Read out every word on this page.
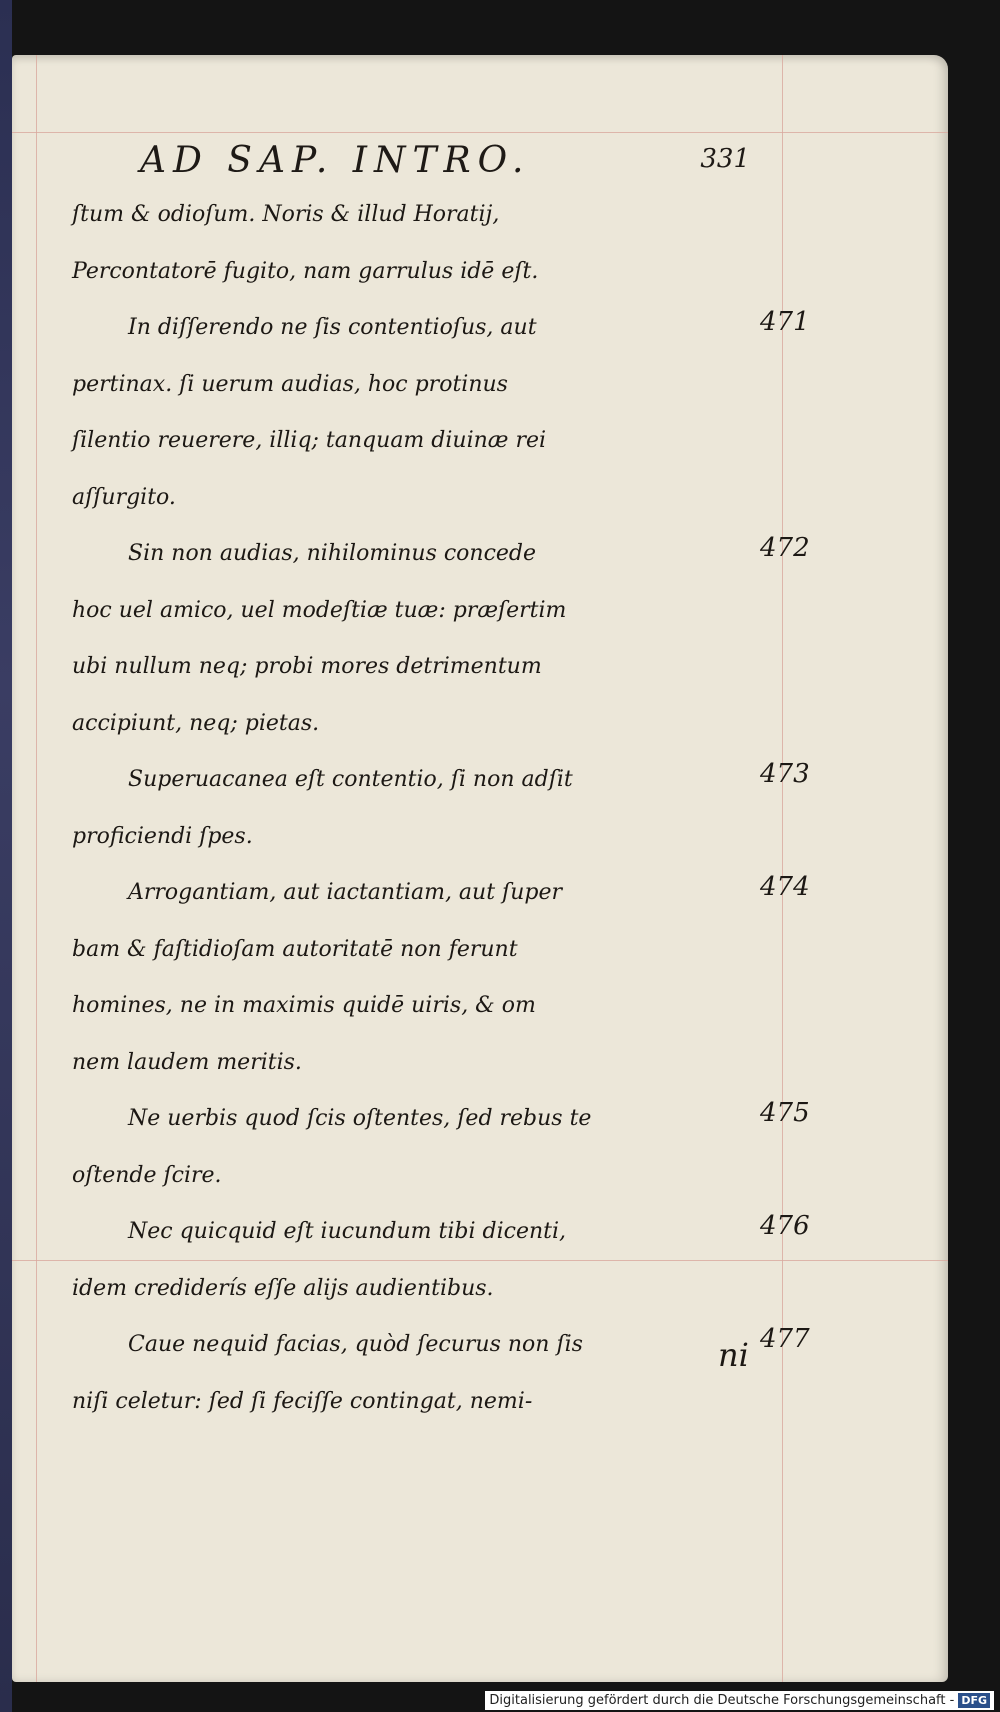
AD SAP. INTRO.	331
ſtum & odioſum. Noris & illud Horatij,
Percontatorē fugito, nam garrulus idē eſt.
In diſſerendo ne ſis contentioſus, aut	471
pertinax. ſi uerum audias, hoc protinus
ſilentio reuerere, illiq; tanquam diuinæ rei
aſſurgito.
Sin non audias, nihilominus concede	472
hoc uel amico, uel modeſtiæ tuæ: præſertim
ubi nullum neq; probi mores detrimentum
accipiunt, neq; pietas.
Superuacanea eſt contentio, ſi non adſit	473
proficiendi ſpes.
Arrogantiam, aut iactantiam, aut ſuper	474
bam & faſtidioſam autoritatē non ferunt
homines, ne in maximis quidē uiris, & om
nem laudem meritis.
Ne uerbis quod ſcis oſtentes, ſed rebus te	475
oſtende ſcire.
Nec quicquid eſt iucundum tibi dicenti,	476
idem crediderís eſſe alijs audientibus.
Caue nequid facias, quòd ſecurus non ſis	477
niſi celetur: ſed ſi feciſſe contingat, nemi-
ni
Digitalisierung gefördert durch die Deutsche Forschungsgemeinschaft - DFG
